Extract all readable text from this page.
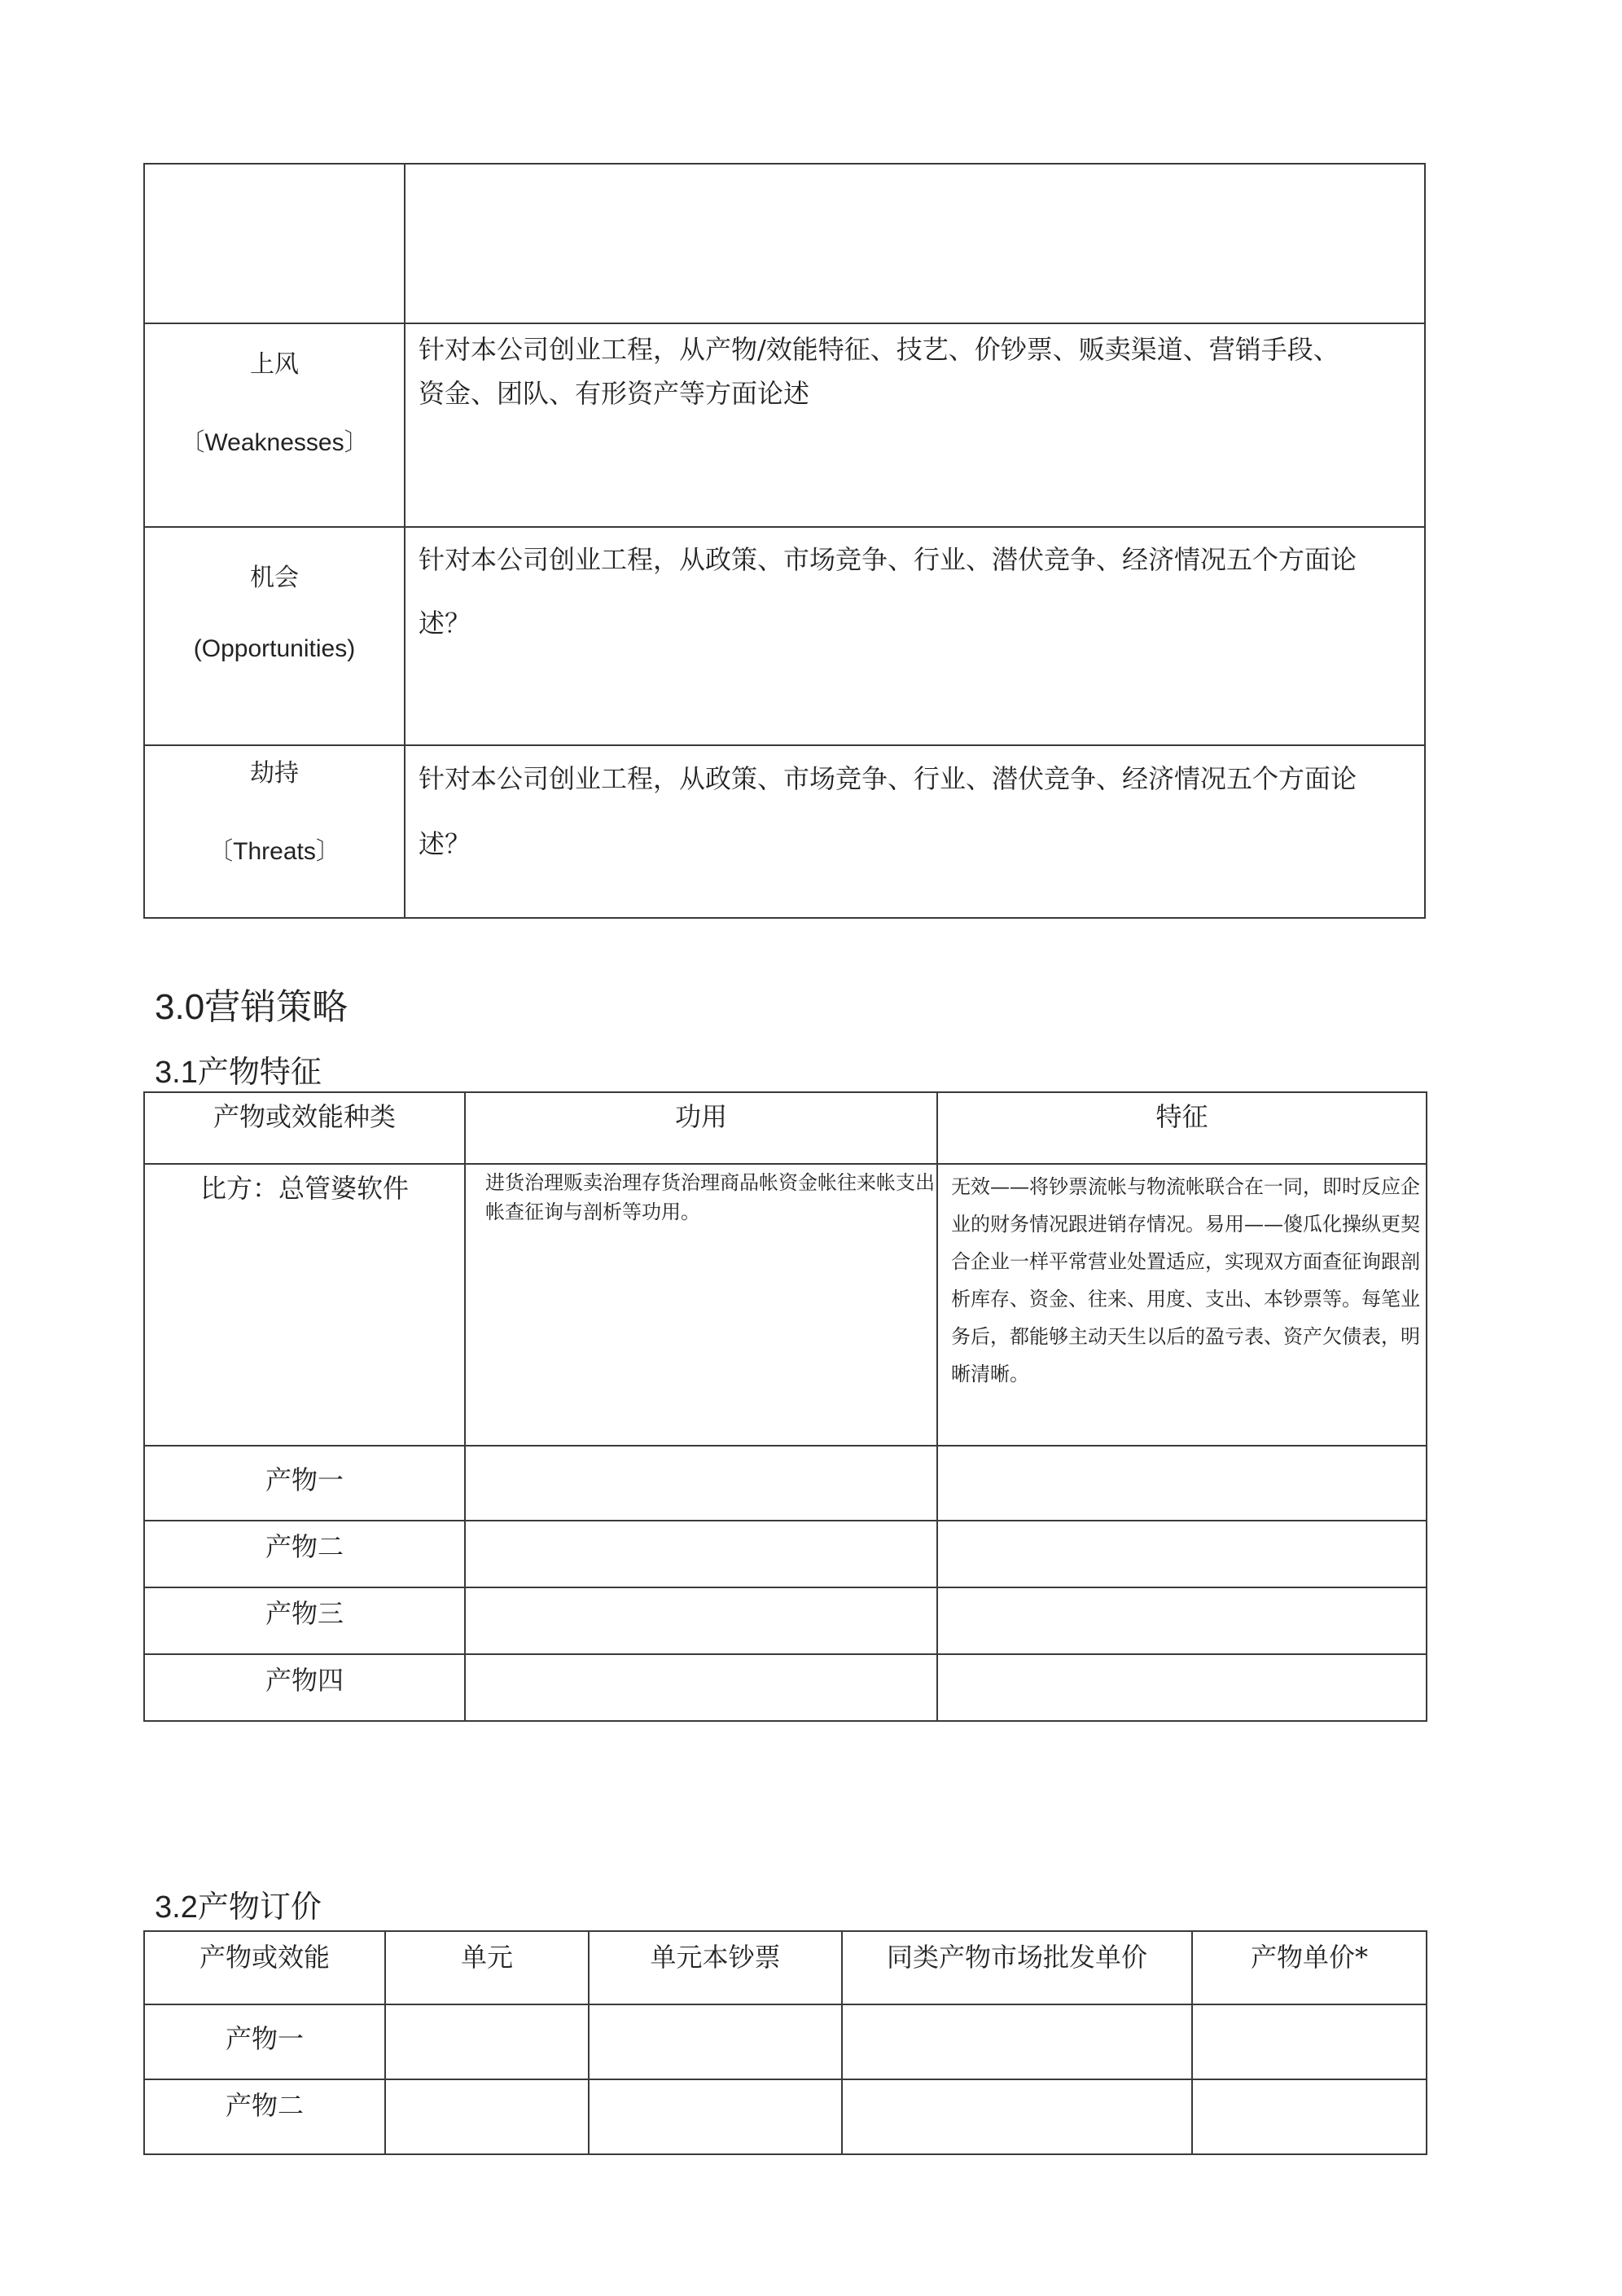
上风
〔Weaknesses〕	针对本公司创业工程，从产物/效能特征、技艺、价钞票、贩卖渠道、营销手段、资金、团队、有形资产等方面论述

机会
(Opportunities)	针对本公司创业工程，从政策、市场竞争、行业、潜伏竞争、经济情况五个方面论述？

劫持
〔Threats〕	针对本公司创业工程，从政策、市场竞争、行业、潜伏竞争、经济情况五个方面论述？
3.0营销策略
3.1产物特征
产物或效能种类	功用	特征
比方：总管婆软件	进货治理贩卖治理存货治理商品帐资金帐往来帐支出帐查征询与剖析等功用。	无效——将钞票流帐与物流帐联合在一同，即时反应企业的财务情况跟进销存情况。易用——傻瓜化操纵更契合企业一样平常营业处置适应，实现双方面查征询跟剖析库存、资金、往来、用度、支出、本钞票等。每笔业务后，都能够主动天生以后的盈亏表、资产欠债表，明晰清晰。
产物一		
产物二		
产物三		
产物四		
3.2产物订价
产物或效能	单元	单元本钞票	同类产物市场批发单价	产物单价*
产物一				
产物二				
